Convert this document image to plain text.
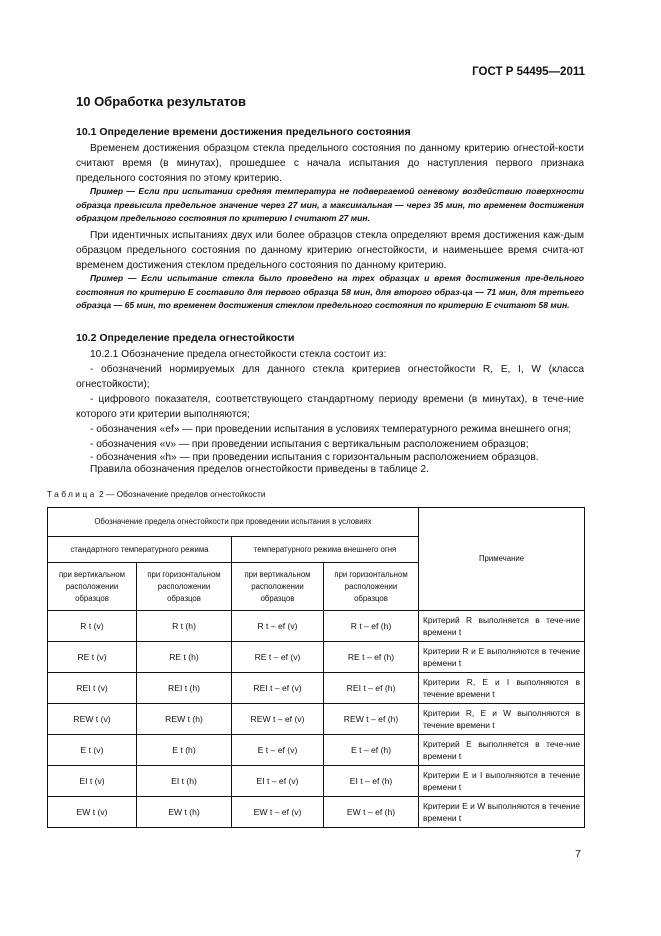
ГОСТ Р 54495—2011
10 Обработка результатов
10.1 Определение времени достижения предельного состояния

Временем достижения образцом стекла предельного состояния по данному критерию огнестой-кости считают время (в минутах), прошедшее с начала испытания до наступления первого признака предельного состояния по этому критерию.

Пример — Если при испытании средняя температура не подвергаемой огневому воздействию поверхности образца превысила предельное значение через 27 мин, а максимальная — через 35 мин, то временем достижения образцом предельного состояния по критерию I считают 27 мин.

При идентичных испытаниях двух или более образцов стекла определяют время достижения каж-дым образцом предельного состояния по данному критерию огнестойкости, и наименьшее время счита-ют временем достижения стеклом предельного состояния по данному критерию.

Пример — Если испытание стекла было проведено на трех образцах и время достижения пре-дельного состояния по критерию E составило для первого образца 58 мин, для второго образ-ца — 71 мин, для третьего образца — 65 мин, то временем достижения стеклом предельного состояния по критерию E считают 58 мин.

10.2 Определение предела огнестойкости

10.2.1 Обозначение предела огнестойкости стекла состоит из:

- обозначений нормируемых для данного стекла критериев огнестойкости R, E, I, W (класса огнестойкости);

- цифрового показателя, соответствующего стандартному периоду времени (в минутах), в тече-ние которого эти критерии выполняются;

- обозначения «ef» — при проведении испытания в условиях температурного режима внешнего огня;

- обозначения «v» — при проведении испытания с вертикальным расположением образцов;

- обозначения «h» — при проведении испытания с горизонтальным расположением образцов.

Правила обозначения пределов огнестойкости приведены в таблице 2.

Таблица 2 — Обозначение пределов огнестойкости
Обозначение предела огнестойкости при проведении испытания в условиях				Примечание
стандартного температурного режима		температурного режима внешнего огня		
при вертикальном расположении образцов	при горизонтальном расположении образцов	при вертикальном расположении образцов	при горизонтальном расположении образцов	
R t (v)	R t (h)	R t – ef (v)	R t – ef (h)	Критерий R выполняется в тече-ние времени t
RE t (v)	RE t (h)	RE t – ef (v)	RE t – ef (h)	Критерии R и E выполняются в течение времени t
REI t (v)	REI t (h)	REI t – ef (v)	REI t – ef (h)	Критерии R, E и I выполняются в течение времени t
REW t (v)	REW t (h)	REW t – ef (v)	REW t – ef (h)	Критерии R, E и W выполняются в течение времени t
E t (v)	E t (h)	E t – ef (v)	E t – ef (h)	Критерий E выполняется в тече-ние времени t
EI t (v)	EI t (h)	EI t – ef (v)	EI t – ef (h)	Критерии E и I выполняются в течение времени t
EW t (v)	EW t (h)	EW t – ef (v)	EW t – ef (h)	Критерии E и W выполняются в течение времени t
7
